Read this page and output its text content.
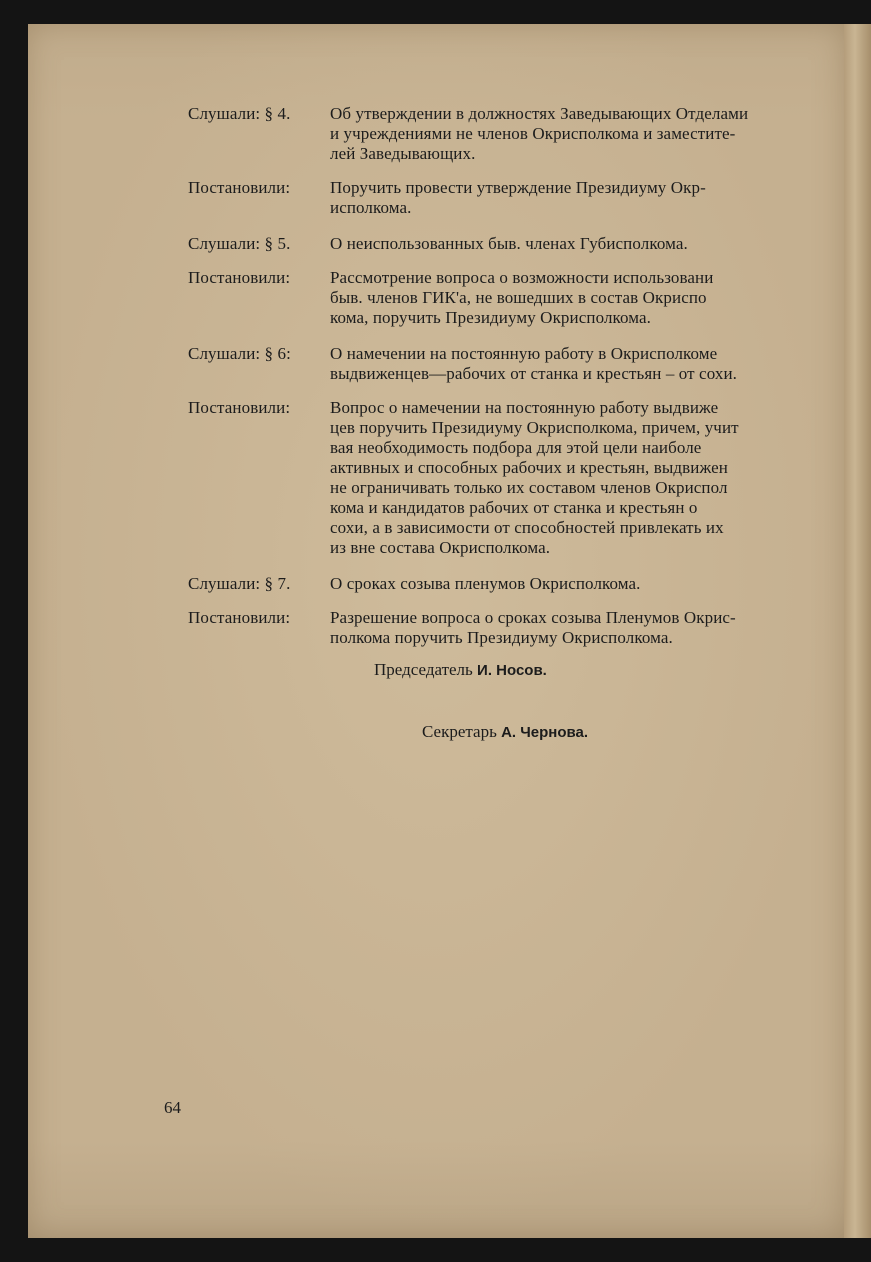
Слушали: § 4.	Об утверждении в должностях Заведывающих Отделами
и учреждениями не членов Окрисполкома и заместите-
лей Заведывающих.
Постановили:	Поручить провести утверждение Президиуму Окр-
исполкома.
Слушали: § 5.	О неиспользованных быв. членах Губисполкома.
Постановили:	Рассмотрение вопроса о возможности использовани
быв. членов ГИК'а, не вошедших в состав Окриспо
кома, поручить Президиуму Окрисполкома.
Слушали: § 6:	О намечении на постоянную работу в Окрисполкоме
выдвиженцев—рабочих от станка и крестьян – от сохи.
Постановили:	Вопрос о намечении на постоянную работу выдвиже
цев поручить Президиуму Окрисполкома, причем, учит
вая необходимость подбора для этой цели наиболе
активных и способных рабочих и крестьян, выдвижен
не ограничивать только их составом членов Окриспол
кома и кандидатов рабочих от станка и крестьян о
сохи, а в зависимости от способностей привлекать их
из вне состава Окрисполкома.
Слушали: § 7.	О сроках созыва пленумов Окрисполкома.
Постановили:	Разрешение вопроса о сроках созыва Пленумов Окрис-
полкома поручить Президиуму Окрисполкома.
Председатель И. Носов.
Секретарь А. Чернова.
64
